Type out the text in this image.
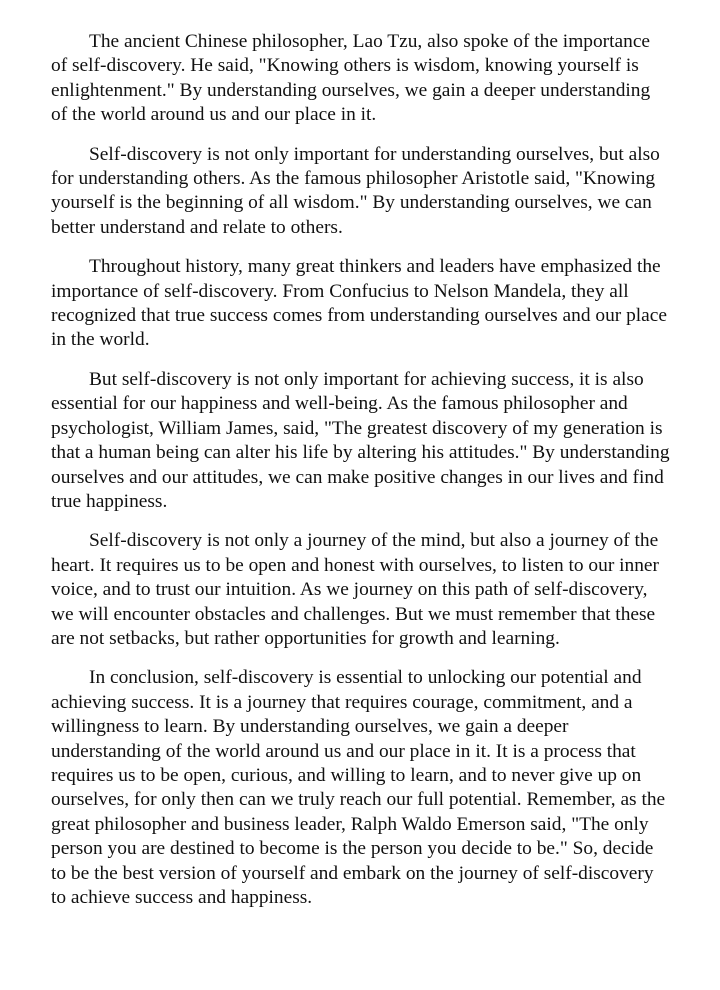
The ancient Chinese philosopher, Lao Tzu, also spoke of the importance of self-discovery. He said, "Knowing others is wisdom, knowing yourself is enlightenment." By understanding ourselves, we gain a deeper understanding of the world around us and our place in it.

Self-discovery is not only important for understanding ourselves, but also for understanding others. As the famous philosopher Aristotle said, "Knowing yourself is the beginning of all wisdom." By understanding ourselves, we can better understand and relate to others.

Throughout history, many great thinkers and leaders have emphasized the importance of self-discovery. From Confucius to Nelson Mandela, they all recognized that true success comes from understanding ourselves and our place in the world.

But self-discovery is not only important for achieving success, it is also essential for our happiness and well-being. As the famous philosopher and psychologist, William James, said, "The greatest discovery of my generation is that a human being can alter his life by altering his attitudes." By understanding ourselves and our attitudes, we can make positive changes in our lives and find true happiness.

Self-discovery is not only a journey of the mind, but also a journey of the heart. It requires us to be open and honest with ourselves, to listen to our inner voice, and to trust our intuition. As we journey on this path of self-discovery, we will encounter obstacles and challenges. But we must remember that these are not setbacks, but rather opportunities for growth and learning.

In conclusion, self-discovery is essential to unlocking our potential and achieving success. It is a journey that requires courage, commitment, and a willingness to learn. By understanding ourselves, we gain a deeper understanding of the world around us and our place in it. It is a process that requires us to be open, curious, and willing to learn, and to never give up on ourselves, for only then can we truly reach our full potential. Remember, as the great philosopher and business leader, Ralph Waldo Emerson said, "The only person you are destined to become is the person you decide to be." So, decide to be the best version of yourself and embark on the journey of self-discovery to achieve success and happiness.
